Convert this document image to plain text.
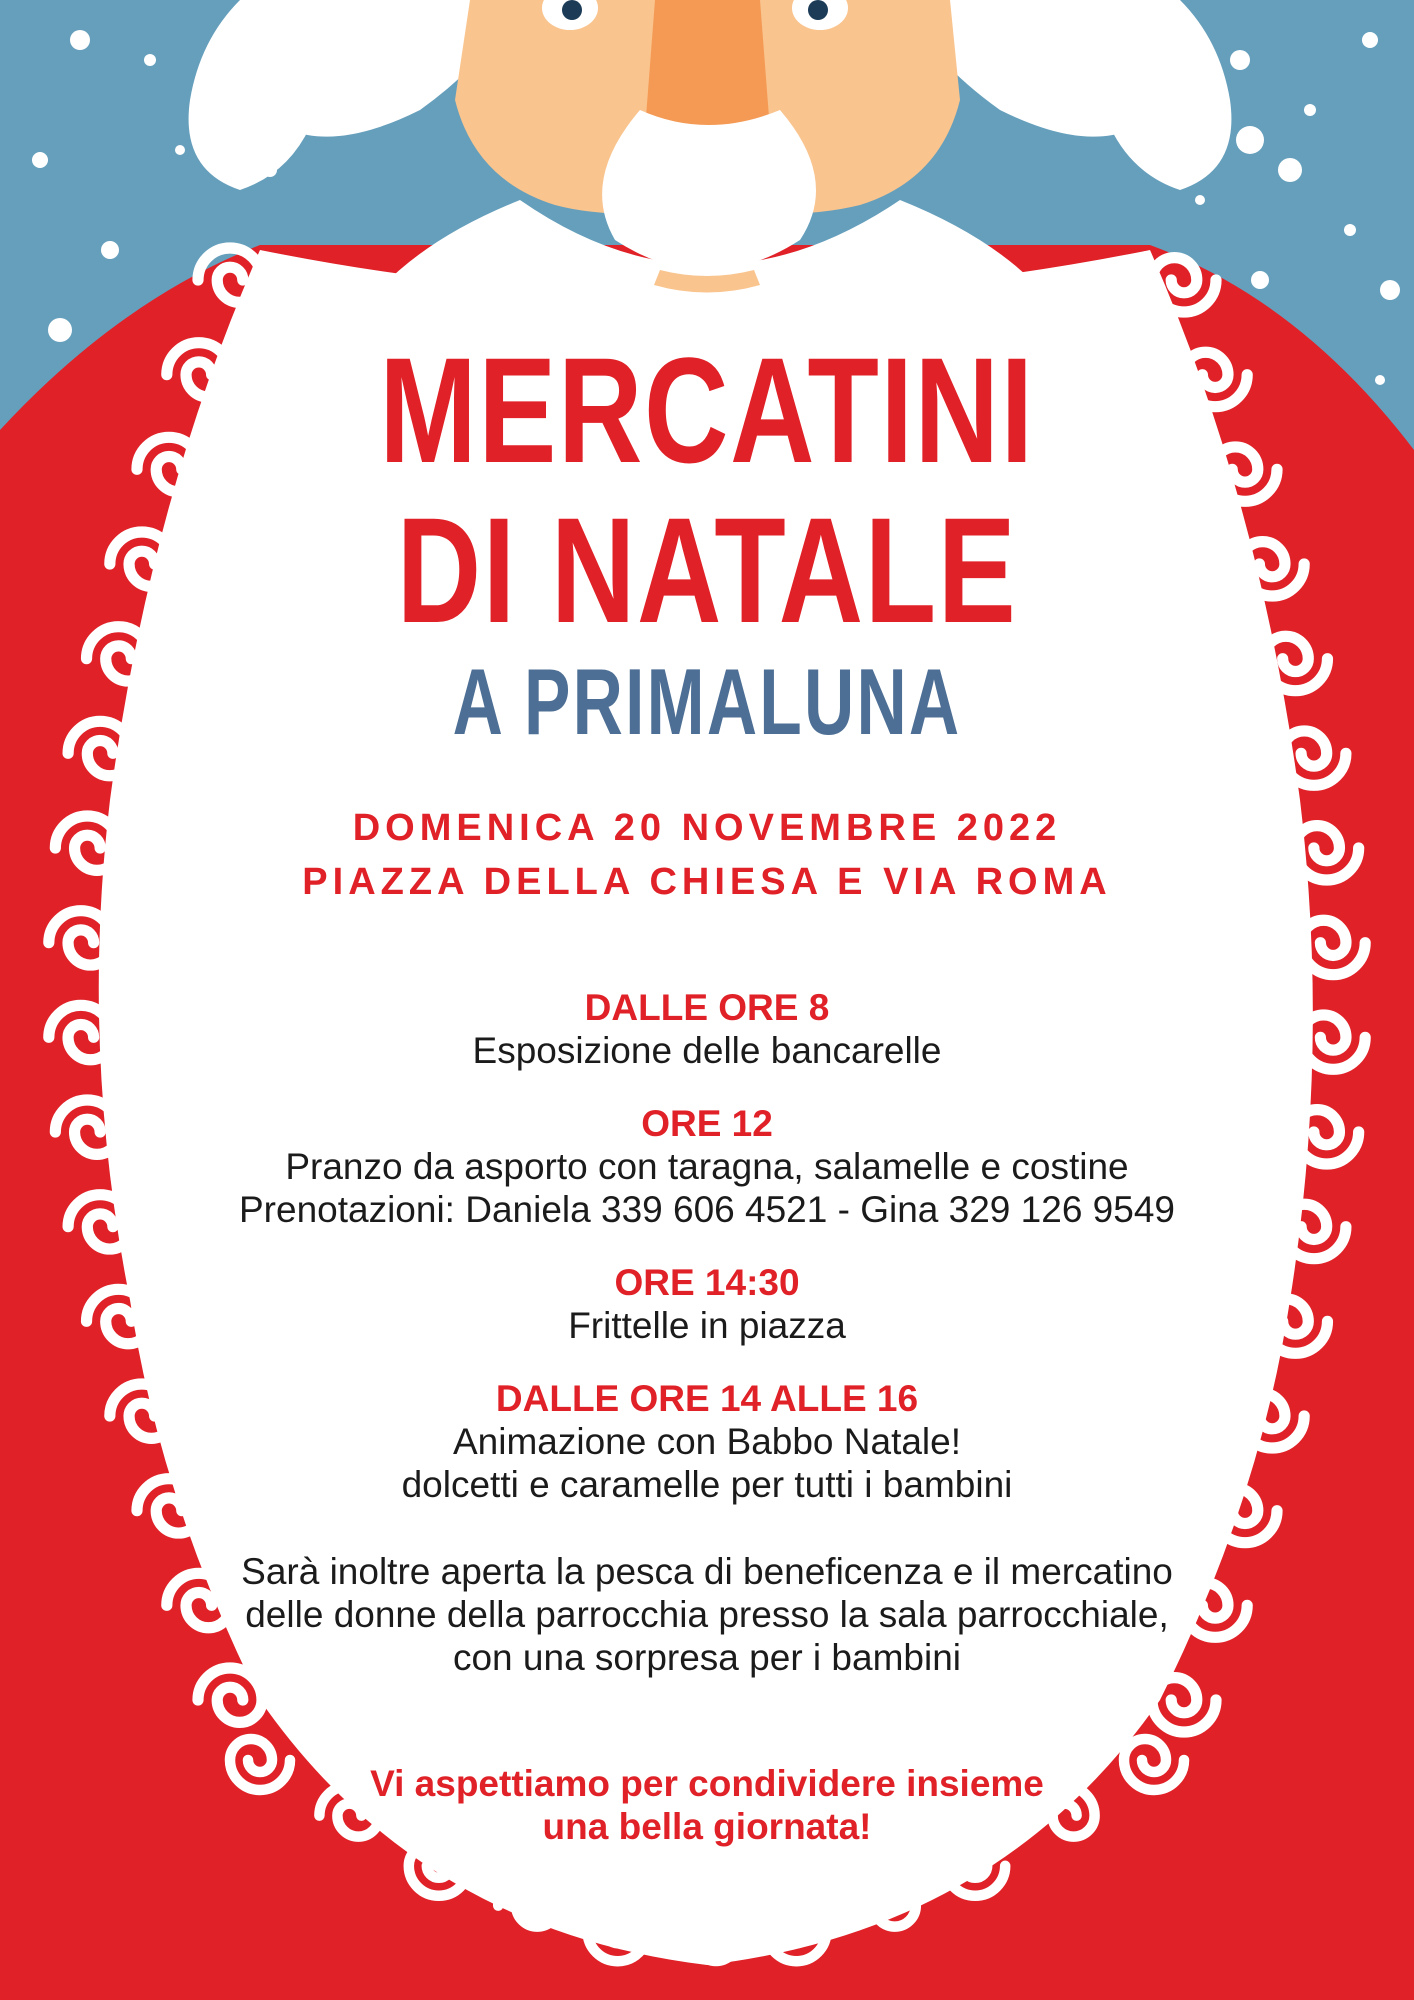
MERCATINI

DI NATALE

A PRIMALUNA

DOMENICA 20 NOVEMBRE 2022

PIAZZA DELLA CHIESA E VIA ROMA

DALLE ORE 8

Esposizione delle bancarelle

ORE 12

Pranzo da asporto con taragna, salamelle e costine

Prenotazioni: Daniela 339 606 4521 - Gina 329 126 9549

ORE 14:30

Frittelle in piazza

DALLE ORE 14 ALLE 16

Animazione con Babbo Natale!

dolcetti e caramelle per tutti i bambini

Sarà inoltre aperta la pesca di beneficenza e il mercatino

delle donne della parrocchia presso la sala parrocchiale,

con una sorpresa per i bambini

Vi aspettiamo per condividere insieme

una bella giornata!
